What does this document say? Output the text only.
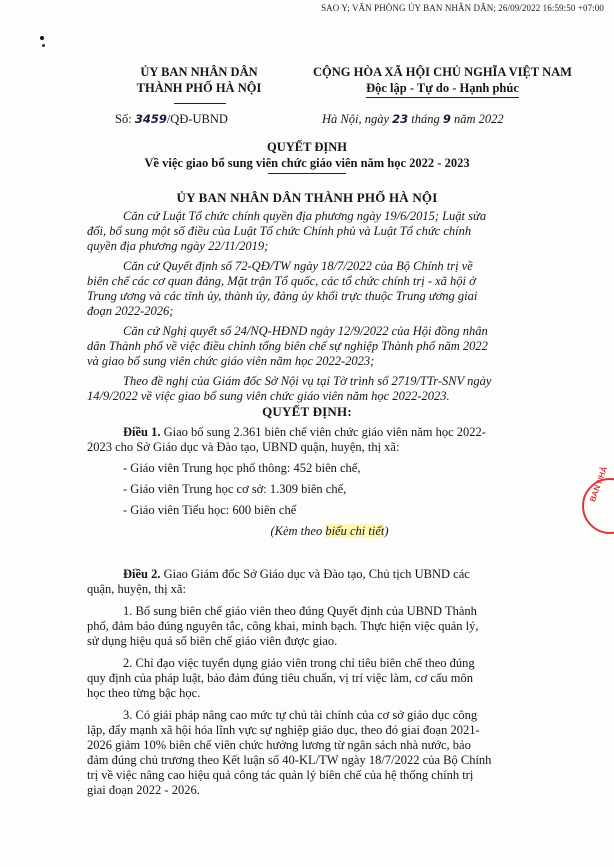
SAO Y; VĂN PHÒNG ỦY BAN NHÂN DÂN; 26/09/2022 16:59:50 +07:00
ỦY BAN NHÂN DÂN
THÀNH PHỐ HÀ NỘI
CỘNG HÒA XÃ HỘI CHỦ NGHĨA VIỆT NAM
Độc lập - Tự do - Hạnh phúc
Số: 3459/QĐ-UBND	Hà Nội, ngày 23 tháng 9 năm 2022
QUYẾT ĐỊNH
Về việc giao bổ sung viên chức giáo viên năm học 2022 - 2023
ỦY BAN NHÂN DÂN THÀNH PHỐ HÀ NỘI
Căn cứ Luật Tổ chức chính quyền địa phương ngày 19/6/2015; Luật sửa
đổi, bổ sung một số điều của Luật Tổ chức Chính phủ và Luật Tổ chức chính
quyền địa phương ngày 22/11/2019;
Căn cứ Quyết định số 72-QĐ/TW ngày 18/7/2022 của Bộ Chính trị về
biên chế các cơ quan đảng, Mặt trận Tổ quốc, các tổ chức chính trị - xã hội ở
Trung ương và các tỉnh ủy, thành ủy, đảng ủy khối trực thuộc Trung ương giai
đoạn 2022-2026;
Căn cứ Nghị quyết số 24/NQ-HĐND ngày 12/9/2022 của Hội đồng nhân
dân Thành phố về việc điều chỉnh tổng biên chế sự nghiệp Thành phố năm 2022
và giao bổ sung viên chức giáo viên năm học 2022-2023;
Theo đề nghị của Giám đốc Sở Nội vụ tại Tờ trình số 2719/TTr-SNV ngày
14/9/2022 về việc giao bổ sung viên chức giáo viên năm học 2022-2023.
QUYẾT ĐỊNH:
Điều 1. Giao bổ sung 2.361 biên chế viên chức giáo viên năm học 2022-
2023 cho Sở Giáo dục và Đào tạo, UBND quận, huyện, thị xã:
- Giáo viên Trung học phổ thông: 452 biên chế,
- Giáo viên Trung học cơ sở: 1.309 biên chế,
- Giáo viên Tiểu học: 600 biên chế
(Kèm theo biểu chi tiết)
Điều 2. Giao Giám đốc Sở Giáo dục và Đào tạo, Chủ tịch UBND các
quận, huyện, thị xã:
1. Bổ sung biên chế giáo viên theo đúng Quyết định của UBND Thành
phố, đảm bảo đúng nguyên tắc, công khai, minh bạch. Thực hiện việc quản lý,
sử dụng hiệu quả số biên chế giáo viên được giao.
2. Chỉ đạo việc tuyển dụng giáo viên trong chỉ tiêu biên chế theo đúng
quy định của pháp luật, bảo đảm đúng tiêu chuẩn, vị trí việc làm, cơ cấu môn
học theo từng bậc học.
3. Có giải pháp nâng cao mức tự chủ tài chính của cơ sở giáo dục công
lập, đẩy mạnh xã hội hóa lĩnh vực sự nghiệp giáo dục, theo đó giai đoạn 2021-
2026 giảm 10% biên chế viên chức hưởng lương từ ngân sách nhà nước, bảo
đảm đúng chủ trương theo Kết luận số 40-KL/TW ngày 18/7/2022 của Bộ Chính
trị về việc nâng cao hiệu quả công tác quản lý biên chế của hệ thống chính trị
giai đoạn 2022 - 2026.
BAN NHÂ
